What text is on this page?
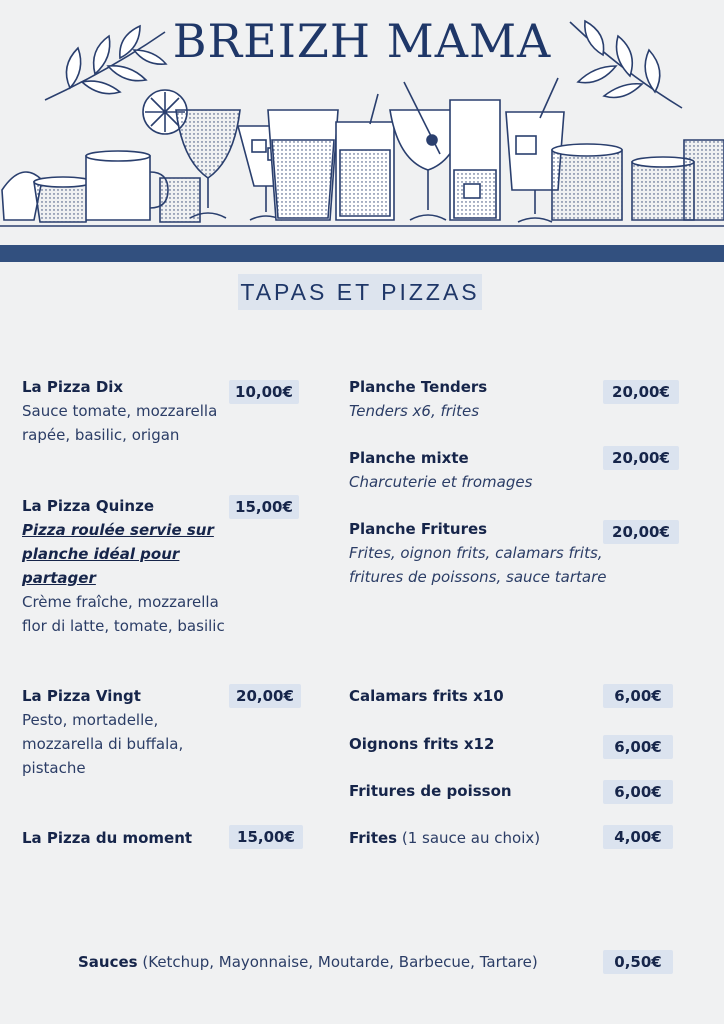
BREIZH MAMA
TAPAS ET PIZZAS
La Pizza Dix
Sauce tomate, mozzarella
rapée, basilic, origan
10,00€
La Pizza Quinze
Pizza roulée servie sur
planche idéal pour
partager
Crème fraîche, mozzarella
flor di latte, tomate, basilic
15,00€
La Pizza Vingt
Pesto, mortadelle,
mozzarella di buffala,
pistache
20,00€
La Pizza du moment	15,00€
Planche Tenders
Tenders x6, frites
20,00€
Planche mixte
Charcuterie et fromages
20,00€
Planche Fritures
Frites, oignon frits, calamars frits,
fritures de poissons, sauce tartare
20,00€
Calamars frits x10	6,00€
Oignons frits x12	6,00€
Fritures de poisson	6,00€
Frites (1 sauce au choix)	4,00€
Sauces (Ketchup, Mayonnaise, Moutarde, Barbecue, Tartare)	0,50€
